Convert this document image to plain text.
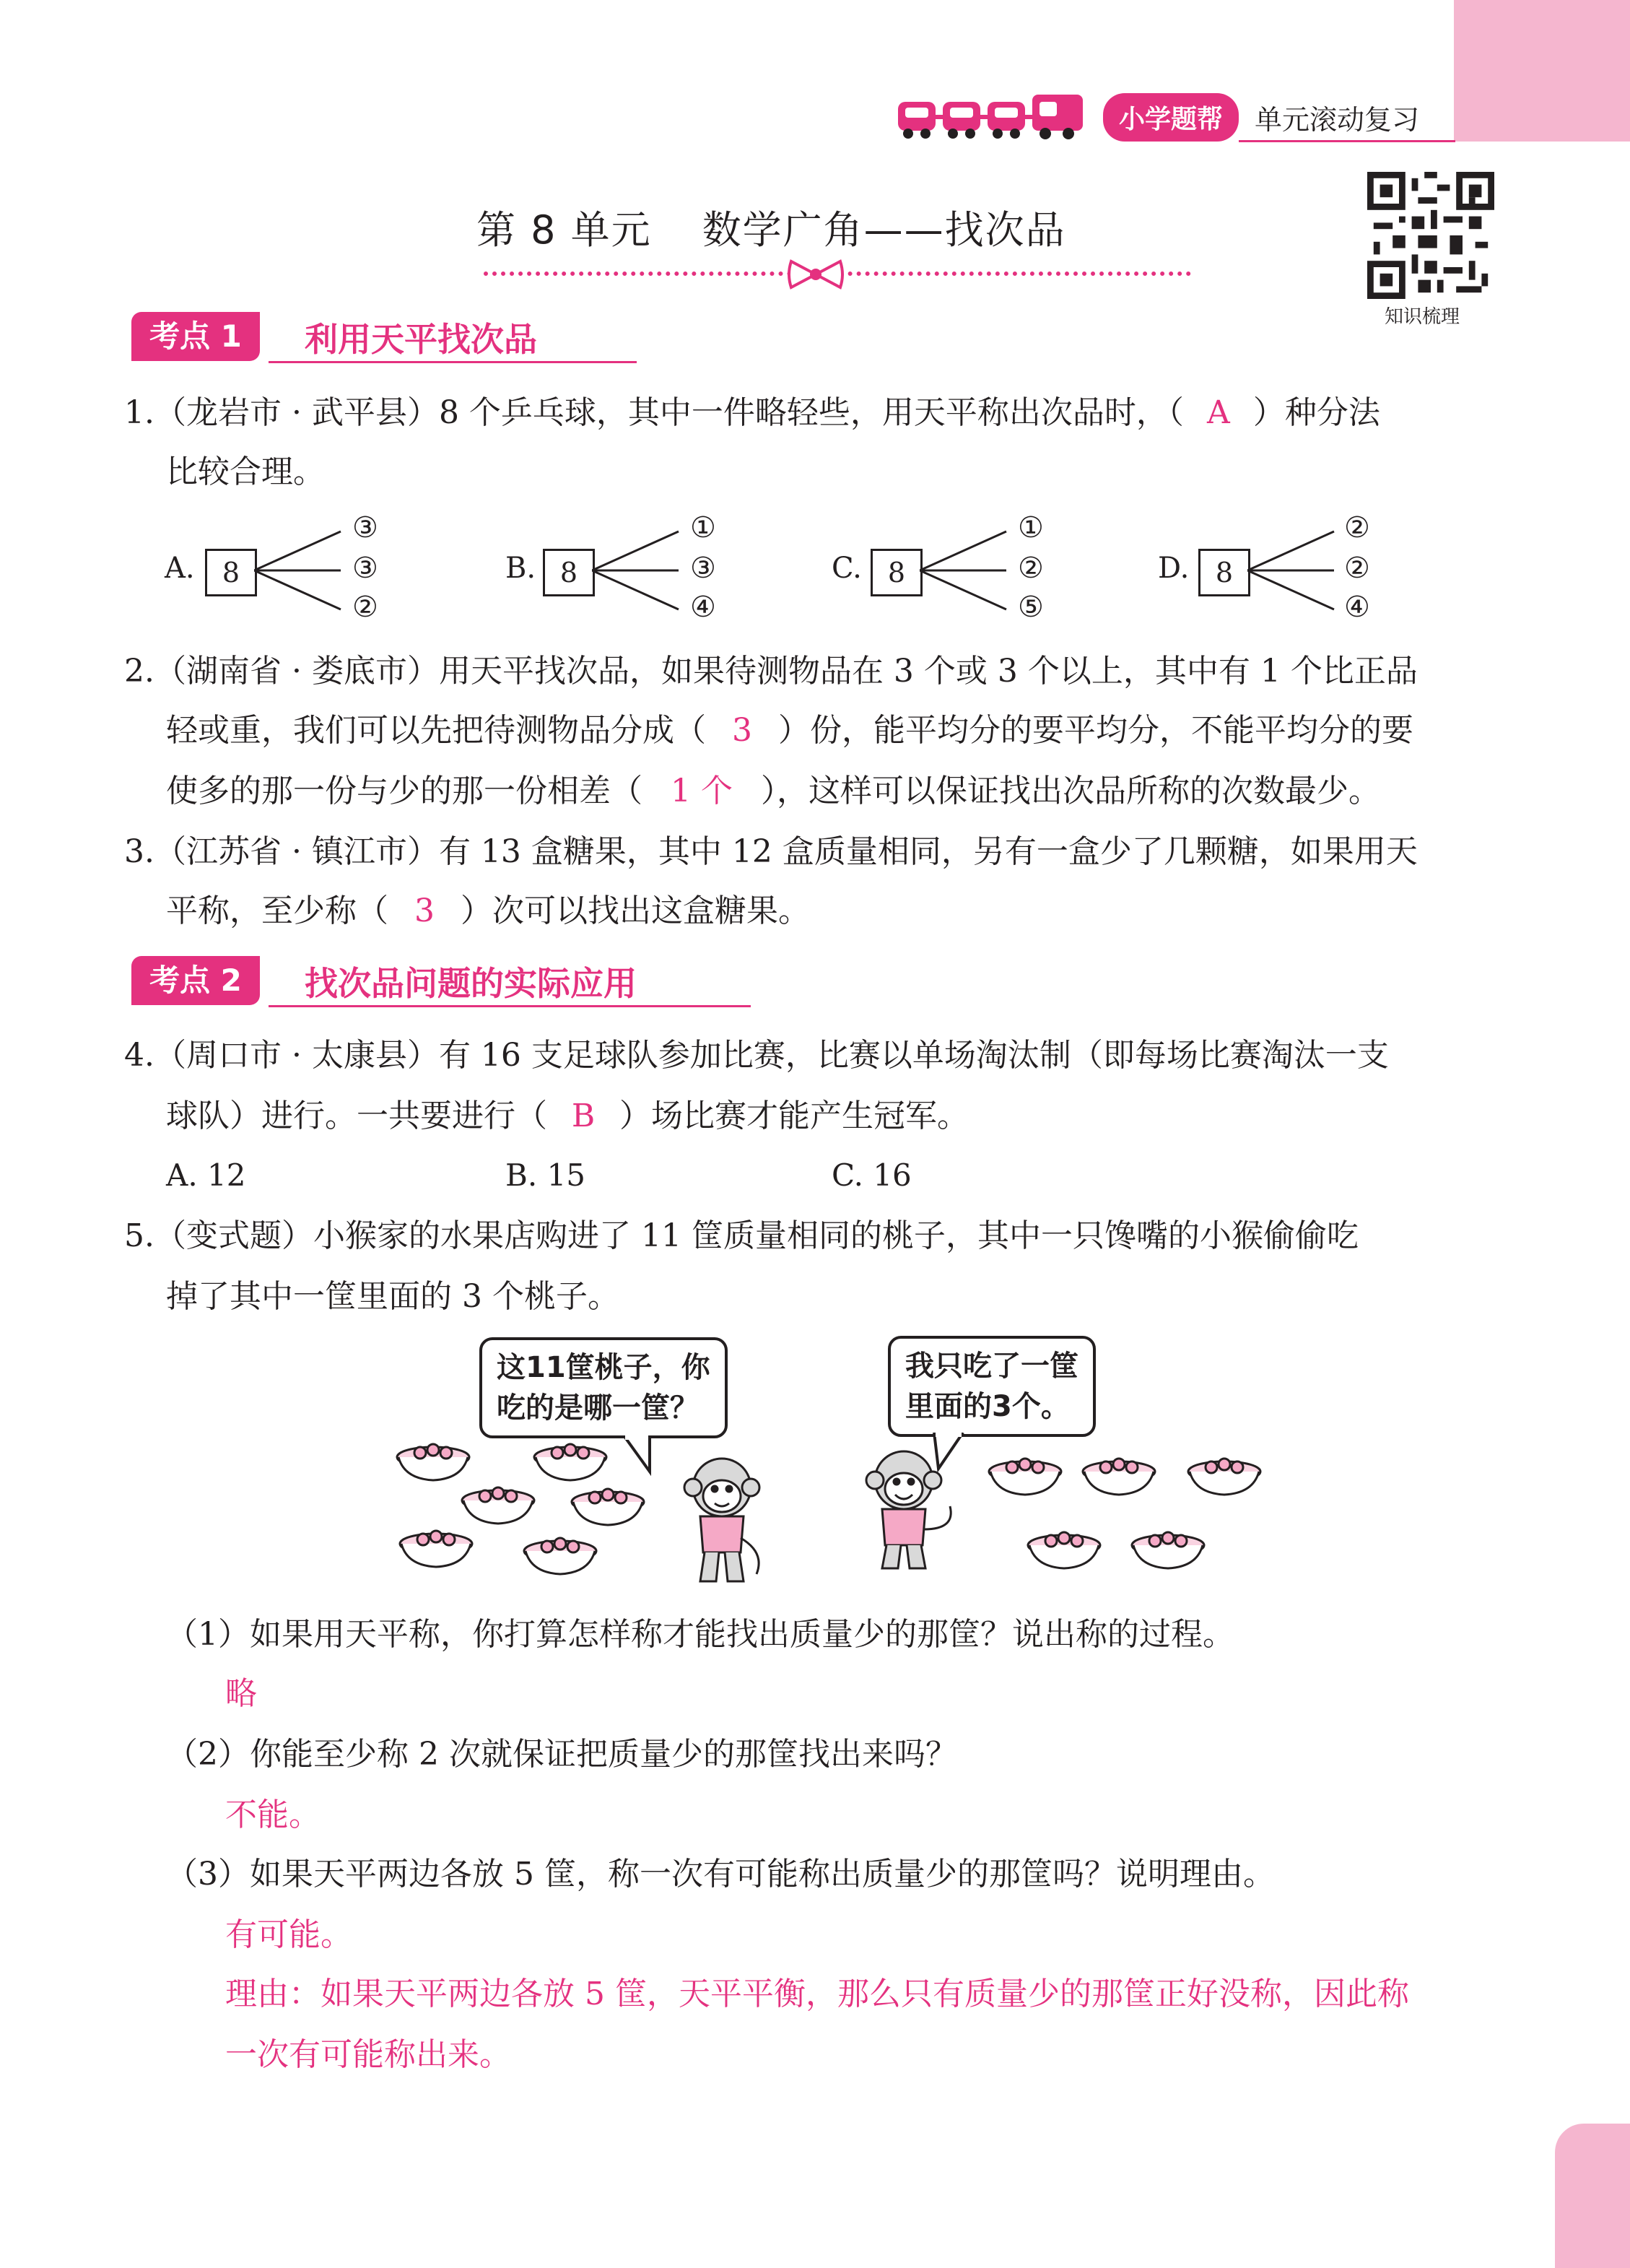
31
小学题帮	单元滚动复习
第 8 单元 数学广角——找次品
知识梳理
考点 1	利用天平找次品
1.（龙岩市 · 武平县）8 个乒乓球，其中一件略轻些，用天平称出次品时，（ A ）种分法
比较合理。
A.	8
③
③
②
B. 8
①
③
④
C. 8
①
②
⑤
D. 8
②
②
④
2.（湖南省 · 娄底市）用天平找次品，如果待测物品在 3 个或 3 个以上，其中有 1 个比正品
轻或重，我们可以先把待测物品分成（ 3 ）份，能平均分的要平均分，不能平均分的要
使多的那一份与少的那一份相差（ 1 个 ），这样可以保证找出次品所称的次数最少。
3.（江苏省 · 镇江市）有 13 盒糖果，其中 12 盒质量相同，另有一盒少了几颗糖，如果用天
平称，至少称（ 3 ）次可以找出这盒糖果。
考点 2	找次品问题的实际应用
4.（周口市 · 太康县）有 16 支足球队参加比赛，比赛以单场淘汰制（即每场比赛淘汰一支
球队）进行。一共要进行（ B ）场比赛才能产生冠军。
A. 12	B. 15	C. 16
5.（变式题）小猴家的水果店购进了 11 筐质量相同的桃子，其中一只馋嘴的小猴偷偷吃
掉了其中一筐里面的 3 个桃子。
这11筐桃子，你
吃的是哪一筐？
我只吃了一筐
里面的3个。
（1）如果用天平称，你打算怎样称才能找出质量少的那筐？说出称的过程。
略
（2）你能至少称 2 次就保证把质量少的那筐找出来吗？
不能。
（3）如果天平两边各放 5 筐，称一次有可能称出质量少的那筐吗？说明理由。
有可能。
理由：如果天平两边各放 5 筐，天平平衡，那么只有质量少的那筐正好没称，因此称
一次有可能称出来。
